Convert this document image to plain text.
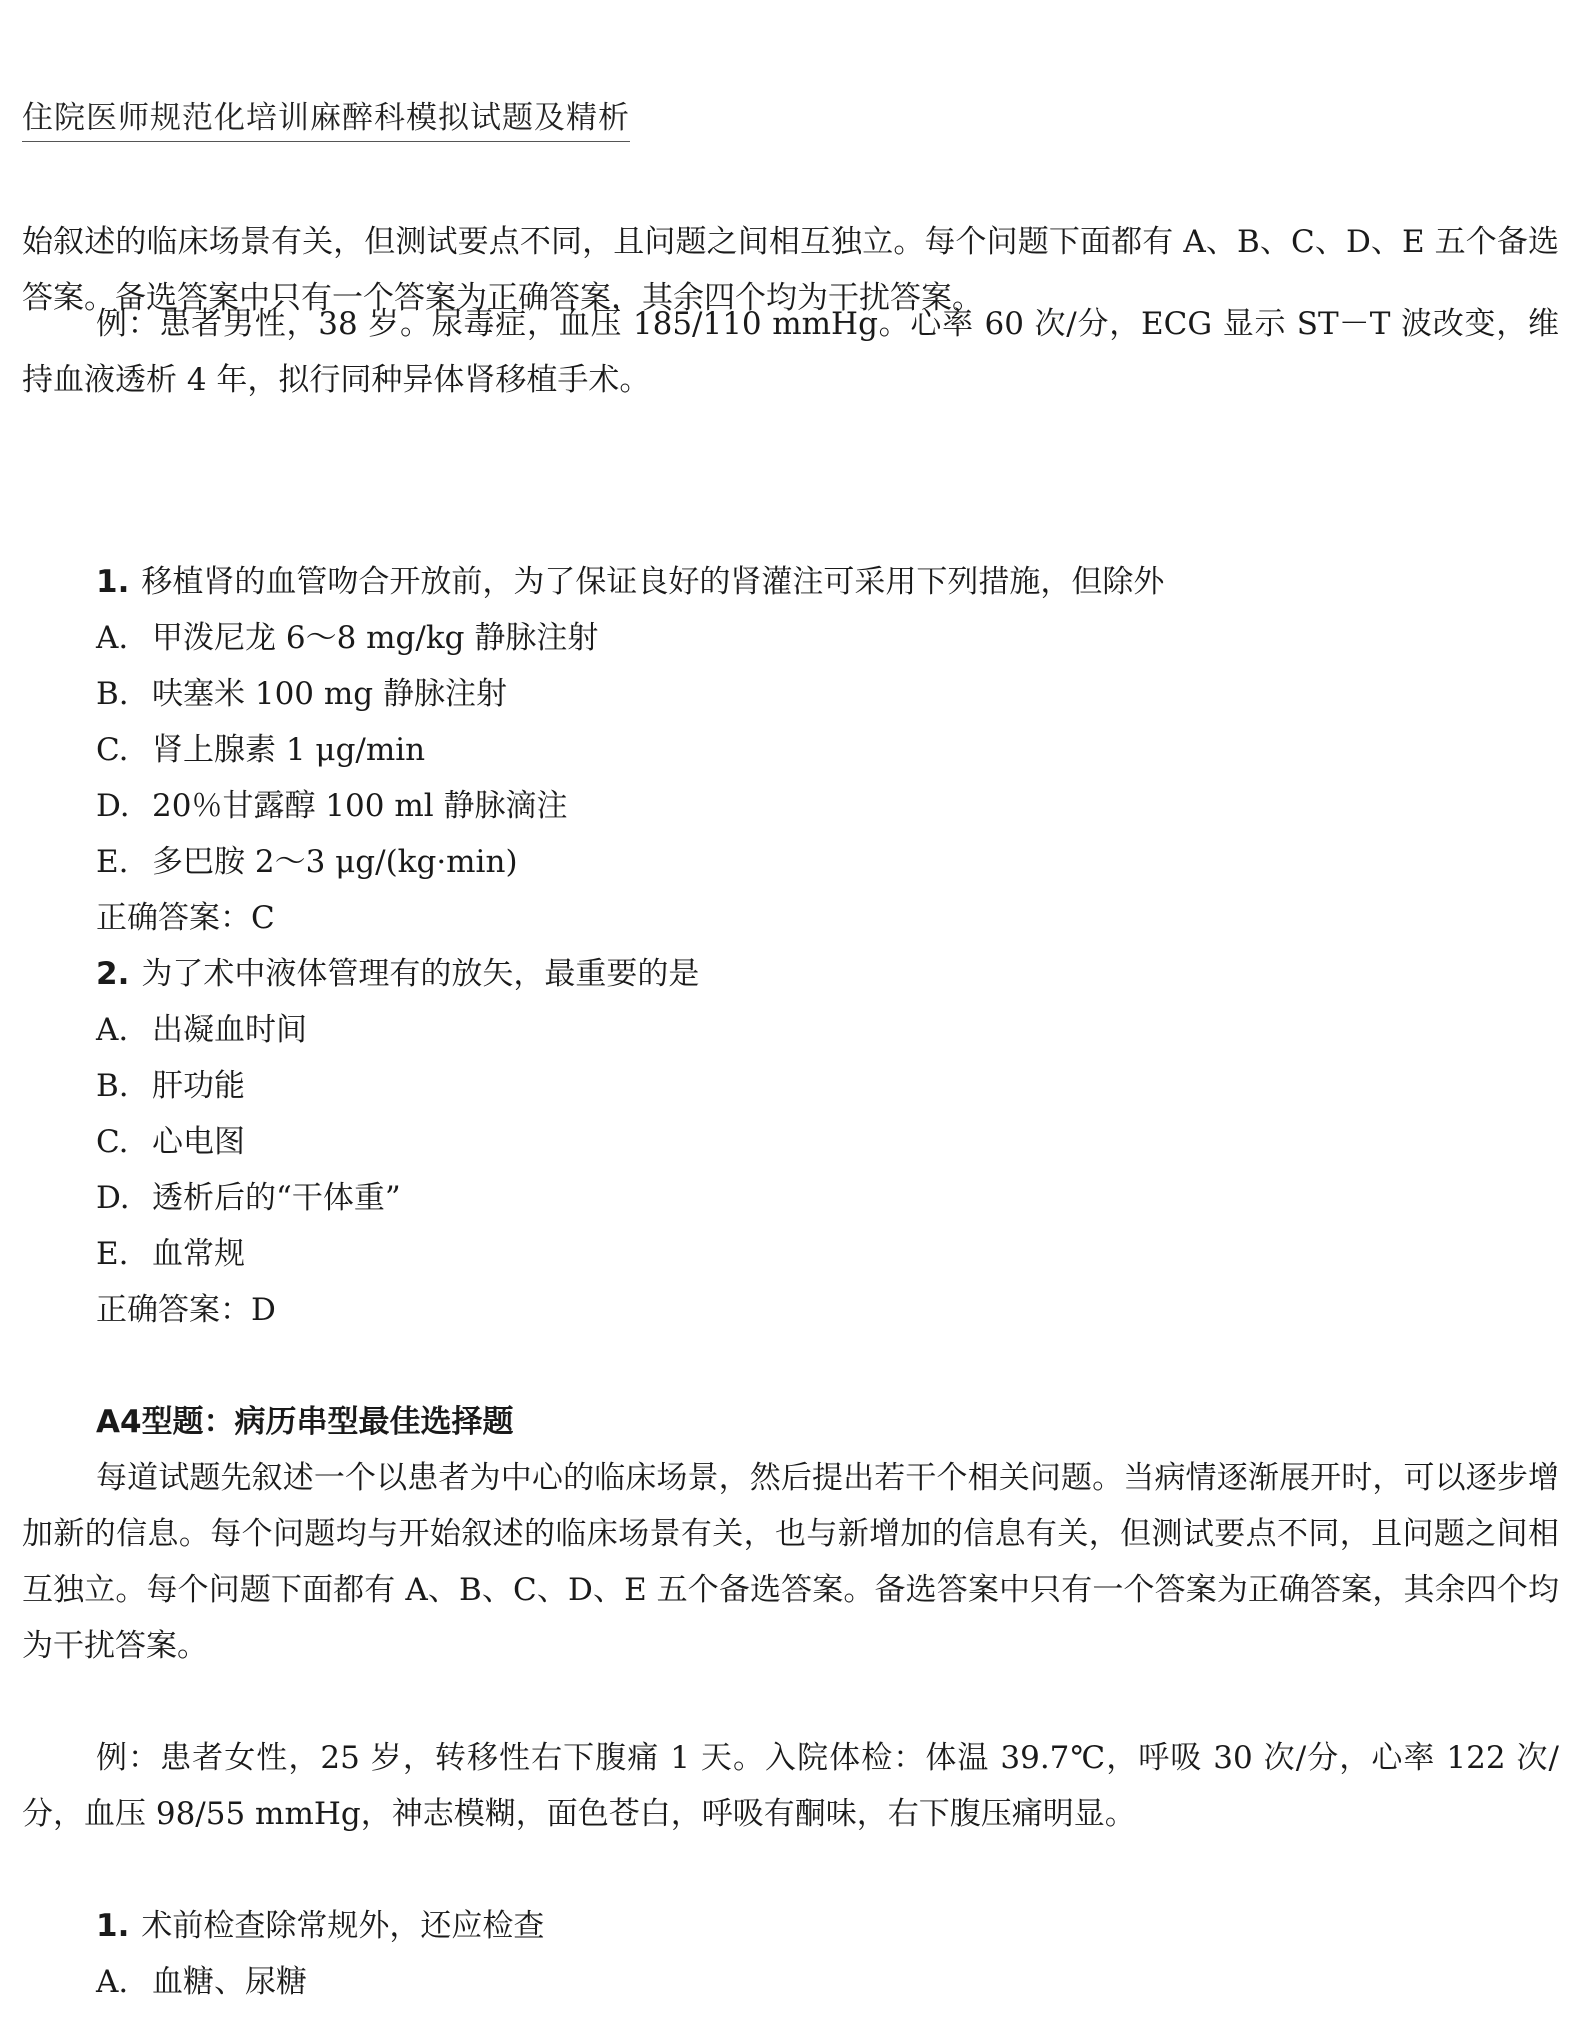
住院医师规范化培训麻醉科模拟试题及精析

始叙述的临床场景有关，但测试要点不同，且问题之间相互独立。每个问题下面都有 A、B、C、D、E 五个备选答案。备选答案中只有一个答案为正确答案，其余四个均为干扰答案。

例：患者男性，38 岁。尿毒症，血压 185/110 mmHg。心率 60 次/分，ECG 显示 ST－T 波改变，维持血液透析 4 年，拟行同种异体肾移植手术。

1. 移植肾的血管吻合开放前，为了保证良好的肾灌注可采用下列措施，但除外
A. 甲泼尼龙 6～8 mg/kg 静脉注射
B. 呋塞米 100 mg 静脉注射
C. 肾上腺素 1 μg/min
D. 20％甘露醇 100 ml 静脉滴注
E. 多巴胺 2～3 μg/(kg·min)
正确答案：C
2. 为了术中液体管理有的放矢，最重要的是
A. 出凝血时间
B. 肝功能
C. 心电图
D. 透析后的“干体重”
E. 血常规
正确答案：D
A4型题：病历串型最佳选择题

每道试题先叙述一个以患者为中心的临床场景，然后提出若干个相关问题。当病情逐渐展开时，可以逐步增加新的信息。每个问题均与开始叙述的临床场景有关，也与新增加的信息有关，但测试要点不同，且问题之间相互独立。每个问题下面都有 A、B、C、D、E 五个备选答案。备选答案中只有一个答案为正确答案，其余四个均为干扰答案。

例：患者女性，25 岁，转移性右下腹痛 1 天。入院体检：体温 39.7℃，呼吸 30 次/分，心率 122 次/分，血压 98/55 mmHg，神志模糊，面色苍白，呼吸有酮味，右下腹压痛明显。

1. 术前检查除常规外，还应检查
A. 血糖、尿糖
